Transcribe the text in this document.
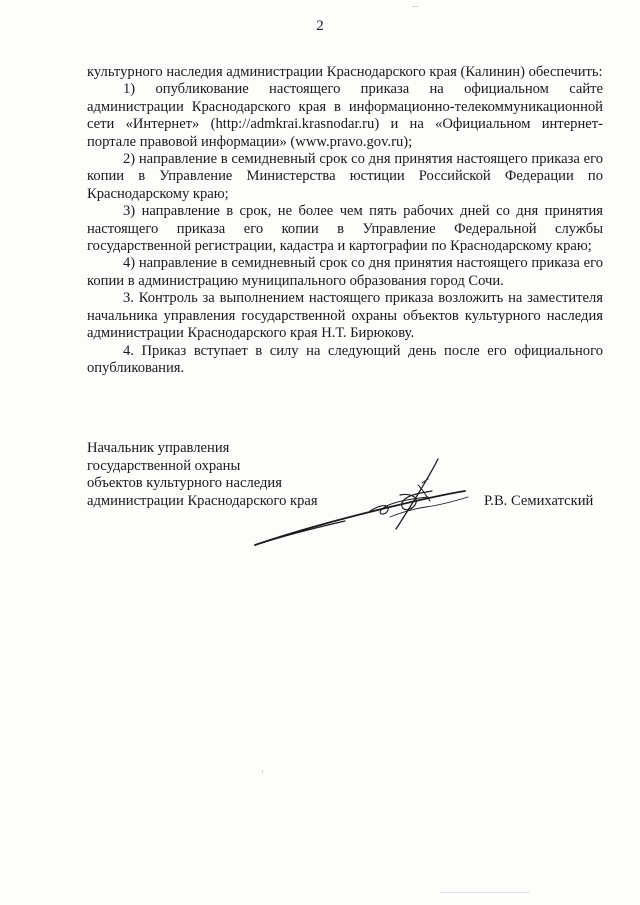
2

культурного наследия администрации Краснодарского края (Калинин) обеспечить:

1) опубликование настоящего приказа на официальном сайте администрации Краснодарского края в информационно-телекоммуникационной сети «Интернет» (http://admkrai.krasnodar.ru) и на «Официальном интернет-портале правовой информации» (www.pravo.gov.ru);

2) направление в семидневный срок со дня принятия настоящего приказа его копии в Управление Министерства юстиции Российской Федерации по Краснодарскому краю;

3) направление в срок, не более чем пять рабочих дней со дня принятия настоящего приказа его копии в Управление Федеральной службы государственной регистрации, кадастра и картографии по Краснодарскому краю;

4) направление в семидневный срок со дня принятия настоящего приказа его копии в администрацию муниципального образования город Сочи.

3. Контроль за выполнением настоящего приказа возложить на заместителя начальника управления государственной охраны объектов культурного наследия администрации Краснодарского края Н.Т. Бирюкову.

4. Приказ вступает в силу на следующий день после его официального опубликования.

Начальник управления
государственной охраны
объектов культурного наследия
администрации Краснодарского края	Р.В. Семихатский
